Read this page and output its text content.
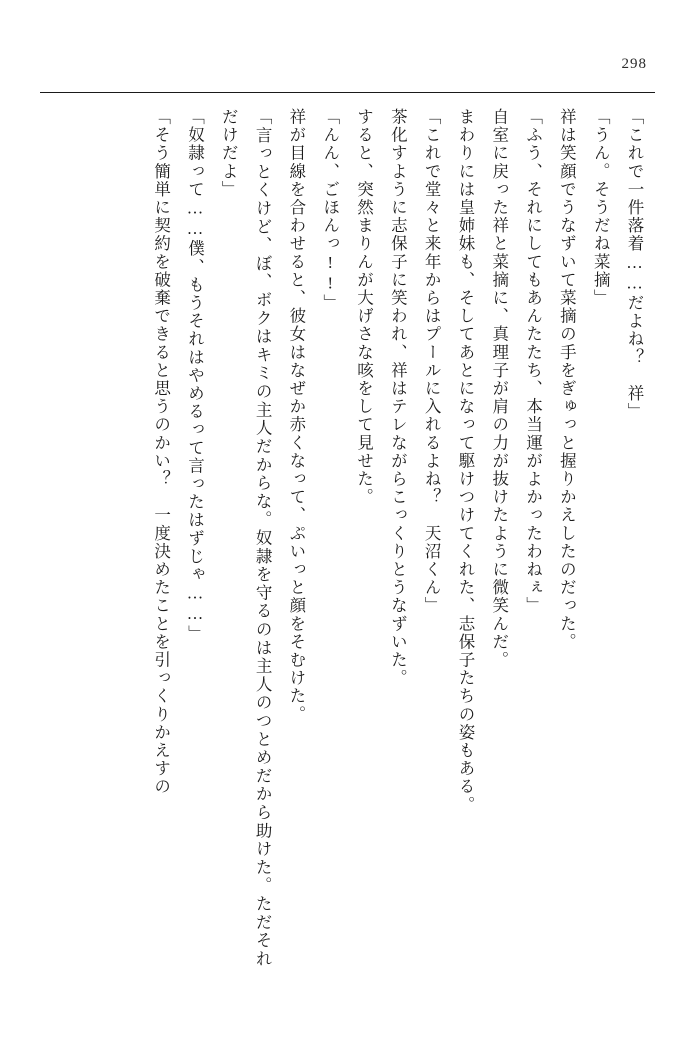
298

「これで一件落着……だよね？　祥」

「うん。そうだね菜摘」

祥は笑顔でうなずいて菜摘の手をぎゅっと握りかえしたのだった。

「ふう、それにしてもあんたたち、本当運がよかったわねぇ」

自室に戻った祥と菜摘に、真理子が肩の力が抜けたように微笑んだ。

まわりには皇姉妹も、そしてあとになって駆けつけてくれた、志保子たちの姿もある。

「これで堂々と来年からはプールに入れるよね？　天沼くん」

茶化すように志保子に笑われ、祥はテレながらこっくりとうなずいた。

すると、突然まりんが大げさな咳をして見せた。

「んん、ごほんっ!!」

祥が目線を合わせると、彼女はなぜか赤くなって、ぷいっと顔をそむけた。

「言っとくけど、ぼ、ボクはキミの主人だからな。奴隷を守るのは主人のつとめだから助けた。ただそれだけだよ」

「奴隷って……僕、もうそれはやめるって言ったはずじゃ……」

「そう簡単に契約を破棄できると思うのかい？　一度決めたことを引っくりかえすの
